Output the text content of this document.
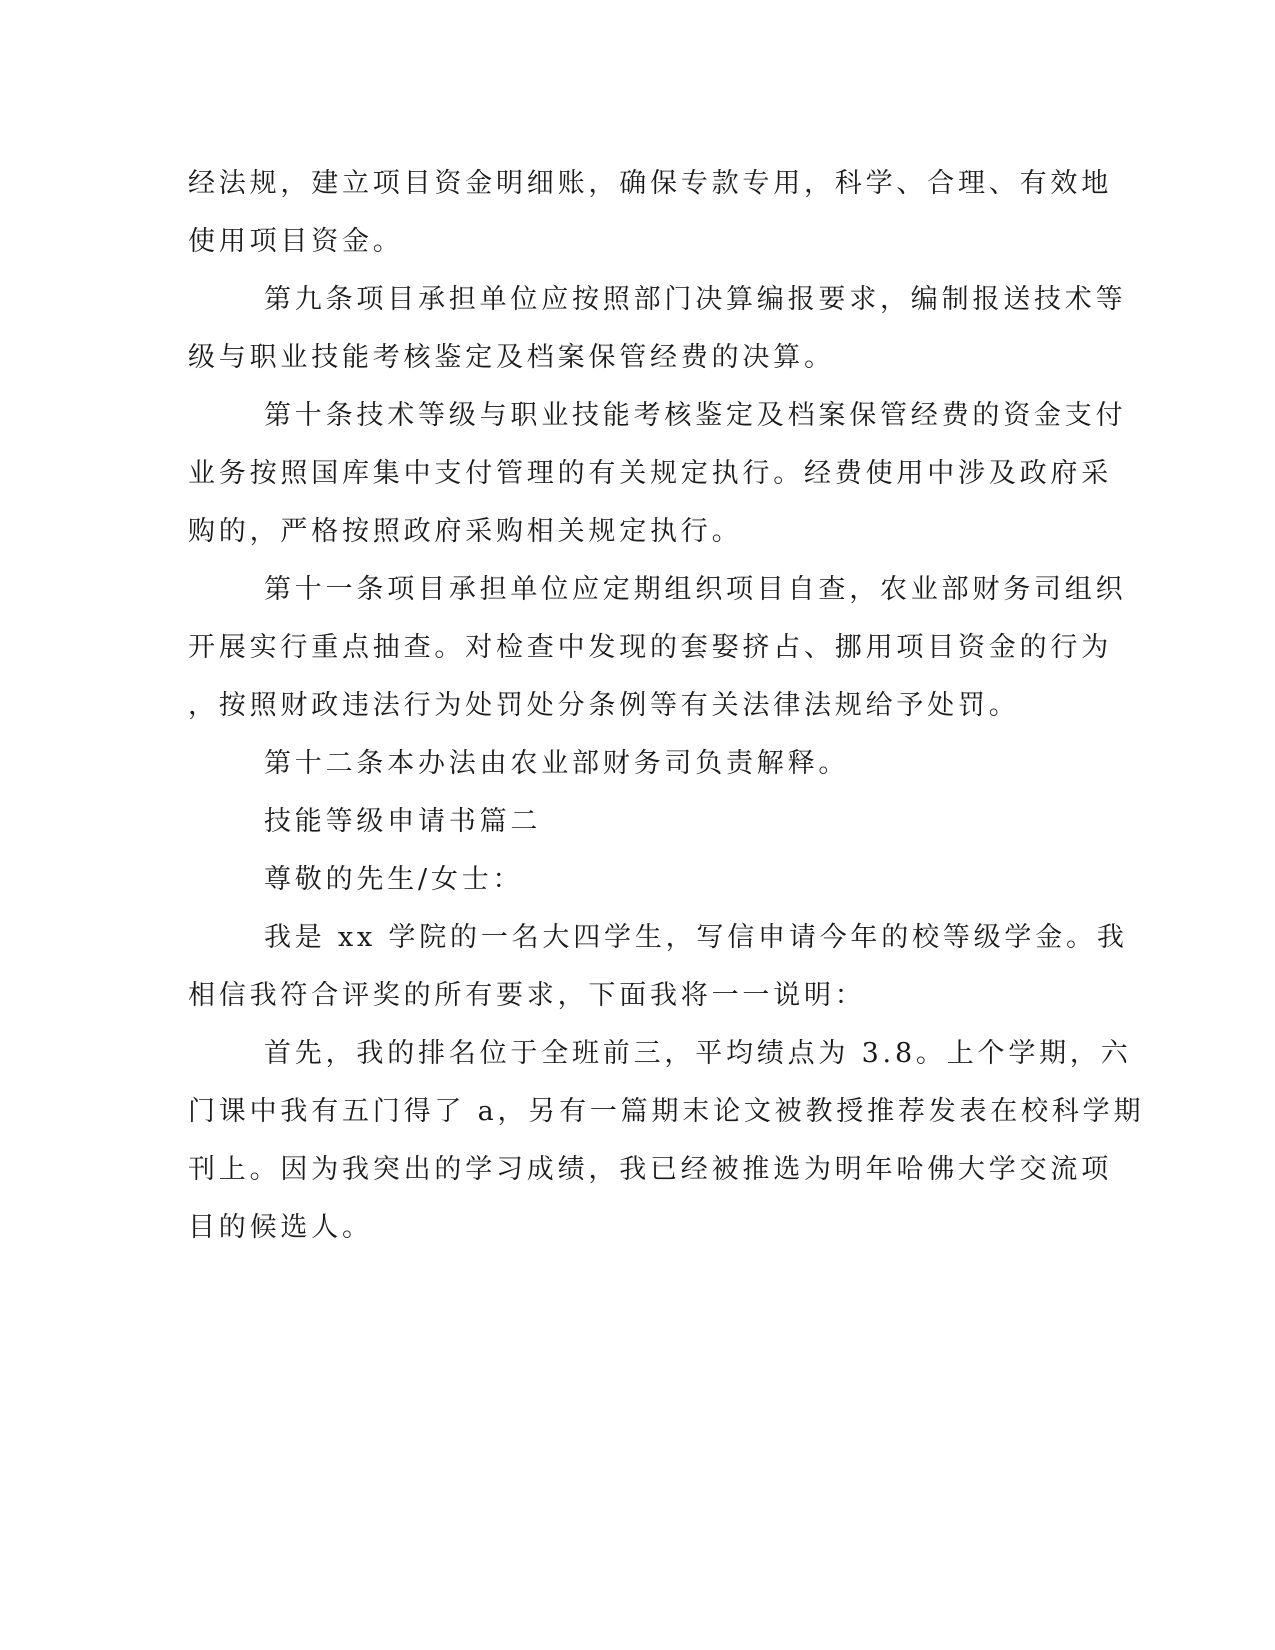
经法规，建立项目资金明细账，确保专款专用，科学、合理、有效地
使用项目资金。
第九条项目承担单位应按照部门决算编报要求，编制报送技术等
级与职业技能考核鉴定及档案保管经费的决算。
第十条技术等级与职业技能考核鉴定及档案保管经费的资金支付
业务按照国库集中支付管理的有关规定执行。经费使用中涉及政府采
购的，严格按照政府采购相关规定执行。
第十一条项目承担单位应定期组织项目自查，农业部财务司组织
开展实行重点抽查。对检查中发现的套娶挤占、挪用项目资金的行为
，按照财政违法行为处罚处分条例等有关法律法规给予处罚。
第十二条本办法由农业部财务司负责解释。
技能等级申请书篇二
尊敬的先生/女士：
我是 xx 学院的一名大四学生，写信申请今年的校等级学金。我
相信我符合评奖的所有要求，下面我将一一说明：
首先，我的排名位于全班前三，平均绩点为 3.8。上个学期，六
门课中我有五门得了 a，另有一篇期末论文被教授推荐发表在校科学期
刊上。因为我突出的学习成绩，我已经被推选为明年哈佛大学交流项
目的候选人。
